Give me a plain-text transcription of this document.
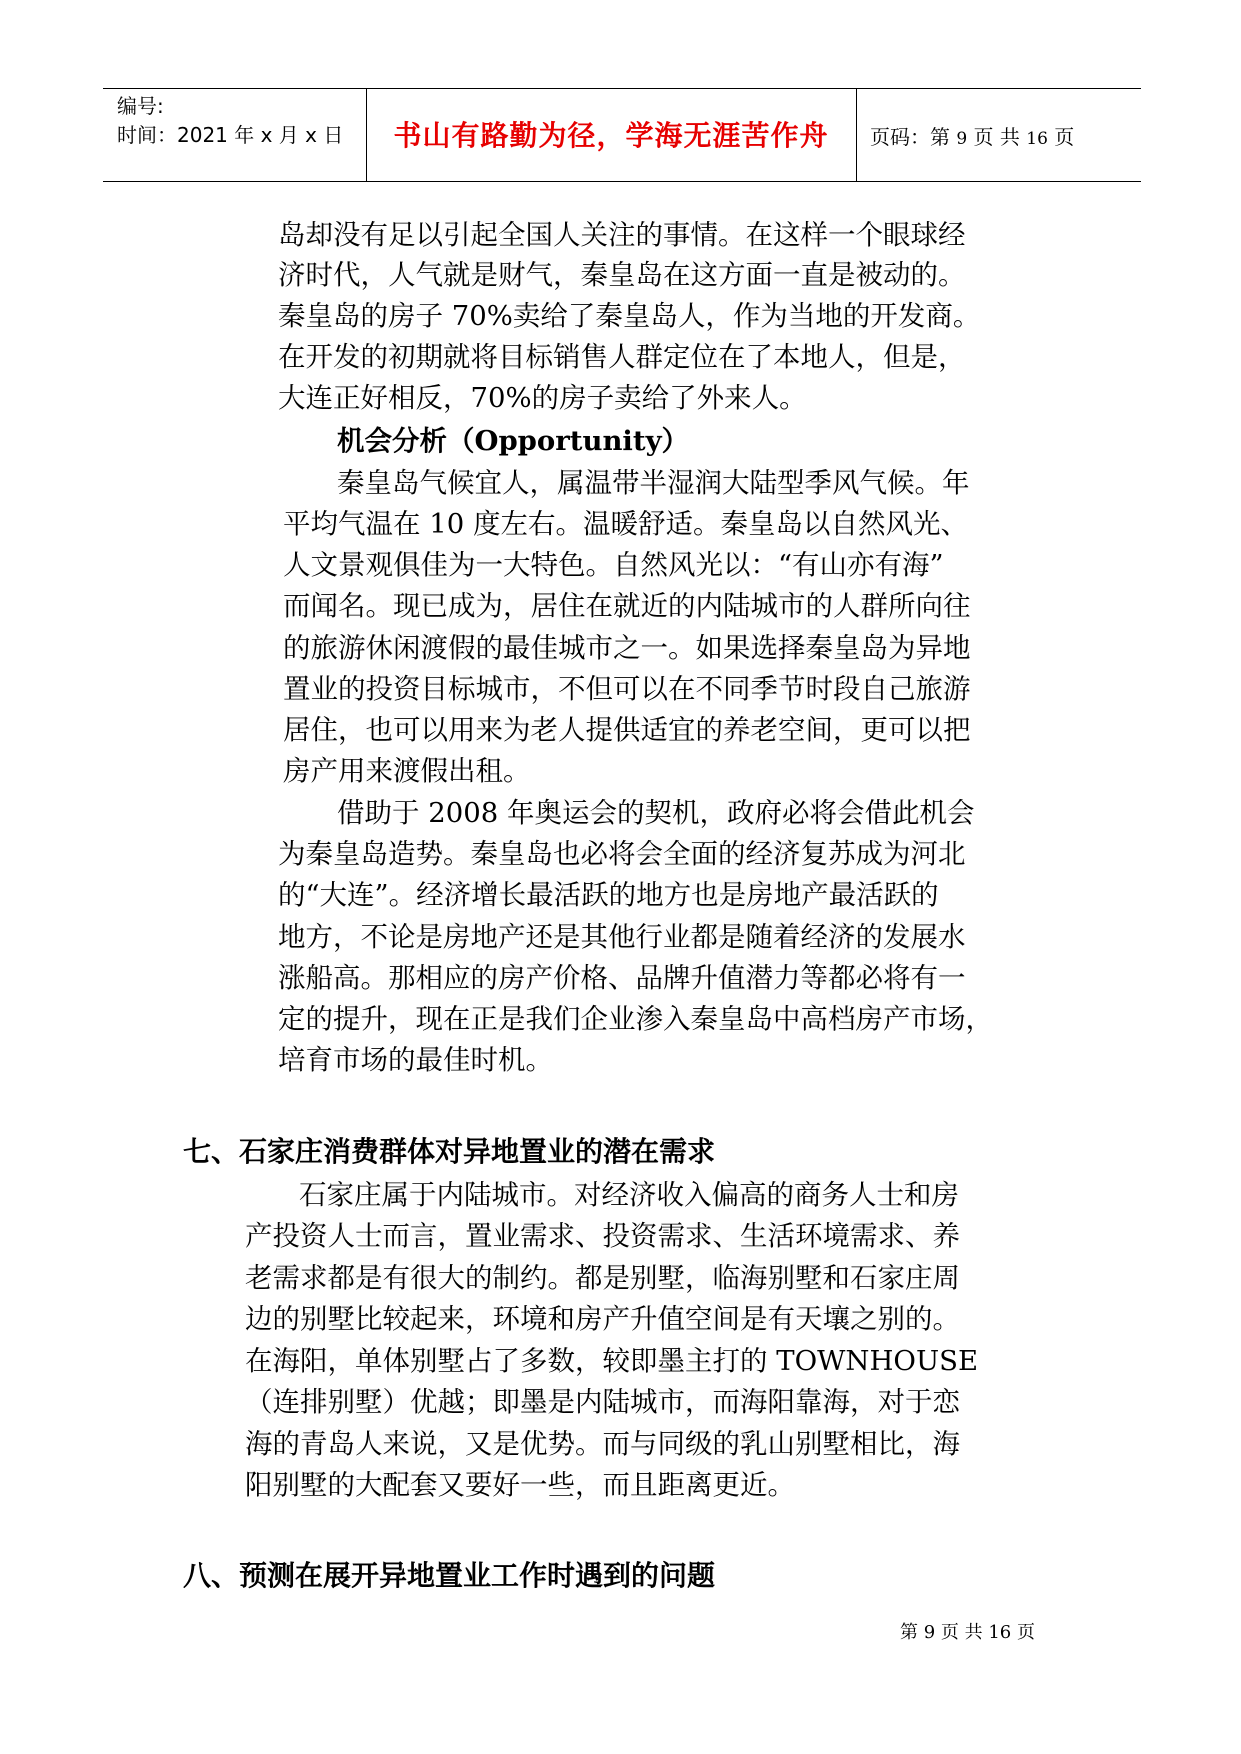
编号:
时间：2021 年 x 月 x 日	书山有路勤为径，学海无涯苦作舟	页码：第 9 页 共 16 页
岛却没有足以引起全国人关注的事情。在这样一个眼球经
济时代，人气就是财气，秦皇岛在这方面一直是被动的。
秦皇岛的房子 70%卖给了秦皇岛人，作为当地的开发商。
在开发的初期就将目标销售人群定位在了本地人，但是，
大连正好相反，70%的房子卖给了外来人。
机会分析（Opportunity）
秦皇岛气候宜人，属温带半湿润大陆型季风气候。年
平均气温在 10 度左右。温暖舒适。秦皇岛以自然风光、
人文景观俱佳为一大特色。自然风光以：“有山亦有海”
而闻名。现已成为，居住在就近的内陆城市的人群所向往
的旅游休闲渡假的最佳城市之一。如果选择秦皇岛为异地
置业的投资目标城市，不但可以在不同季节时段自己旅游
居住，也可以用来为老人提供适宜的养老空间，更可以把
房产用来渡假出租。
借助于 2008 年奥运会的契机，政府必将会借此机会
为秦皇岛造势。秦皇岛也必将会全面的经济复苏成为河北
的“大连”。经济增长最活跃的地方也是房地产最活跃的
地方，不论是房地产还是其他行业都是随着经济的发展水
涨船高。那相应的房产价格、品牌升值潜力等都必将有一
定的提升，现在正是我们企业渗入秦皇岛中高档房产市场，
培育市场的最佳时机。
七、石家庄消费群体对异地置业的潜在需求
石家庄属于内陆城市。对经济收入偏高的商务人士和房
产投资人士而言，置业需求、投资需求、生活环境需求、养
老需求都是有很大的制约。都是别墅，临海别墅和石家庄周
边的别墅比较起来，环境和房产升值空间是有天壤之别的。
在海阳，单体别墅占了多数，较即墨主打的 TOWNHOUSE
（连排别墅）优越；即墨是内陆城市，而海阳靠海，对于恋
海的青岛人来说，又是优势。而与同级的乳山别墅相比，海
阳别墅的大配套又要好一些，而且距离更近。
八、预测在展开异地置业工作时遇到的问题
第 9 页 共 16 页
